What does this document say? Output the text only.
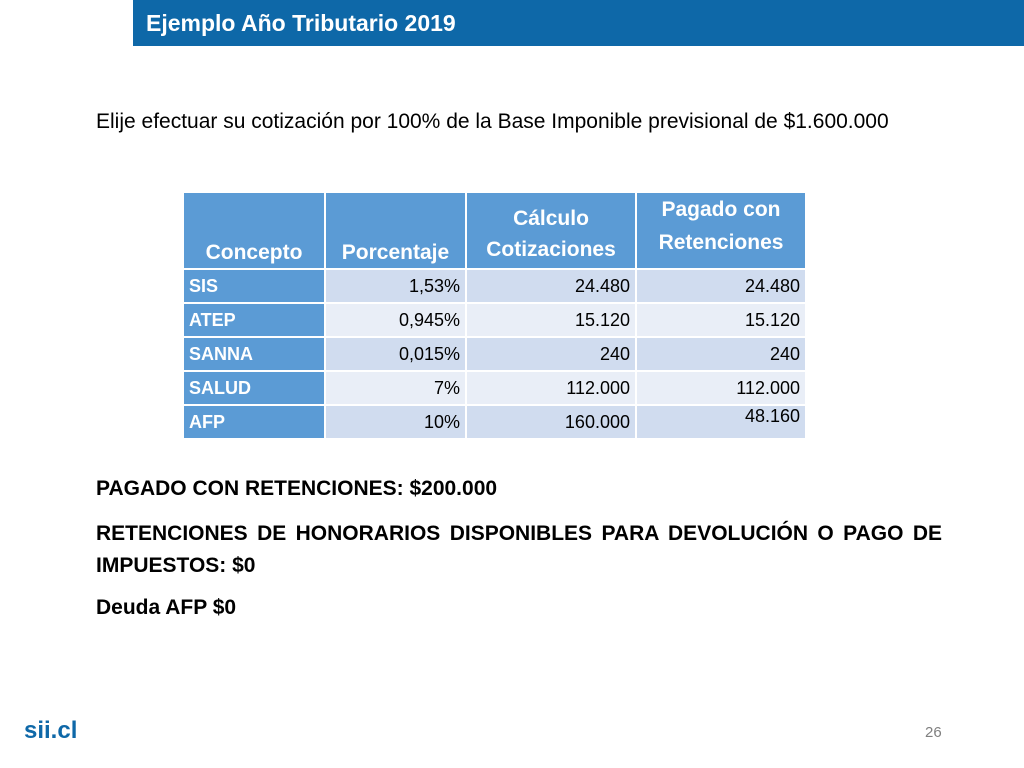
Ejemplo Año Tributario 2019
Elije efectuar su cotización por 100% de la Base Imponible previsional de $1.600.000
Concepto	Porcentaje	Cálculo Cotizaciones	Pagado con Retenciones
SIS	1,53%	24.480	24.480
ATEP	0,945%	15.120	15.120
SANNA	0,015%	240	240
SALUD	7%	112.000	112.000
AFP	10%	160.000	48.160
PAGADO CON RETENCIONES: $200.000
RETENCIONES DE HONORARIOS DISPONIBLES PARA DEVOLUCIÓN O PAGO DE IMPUESTOS: $0
Deuda AFP $0
sii.cl	26
